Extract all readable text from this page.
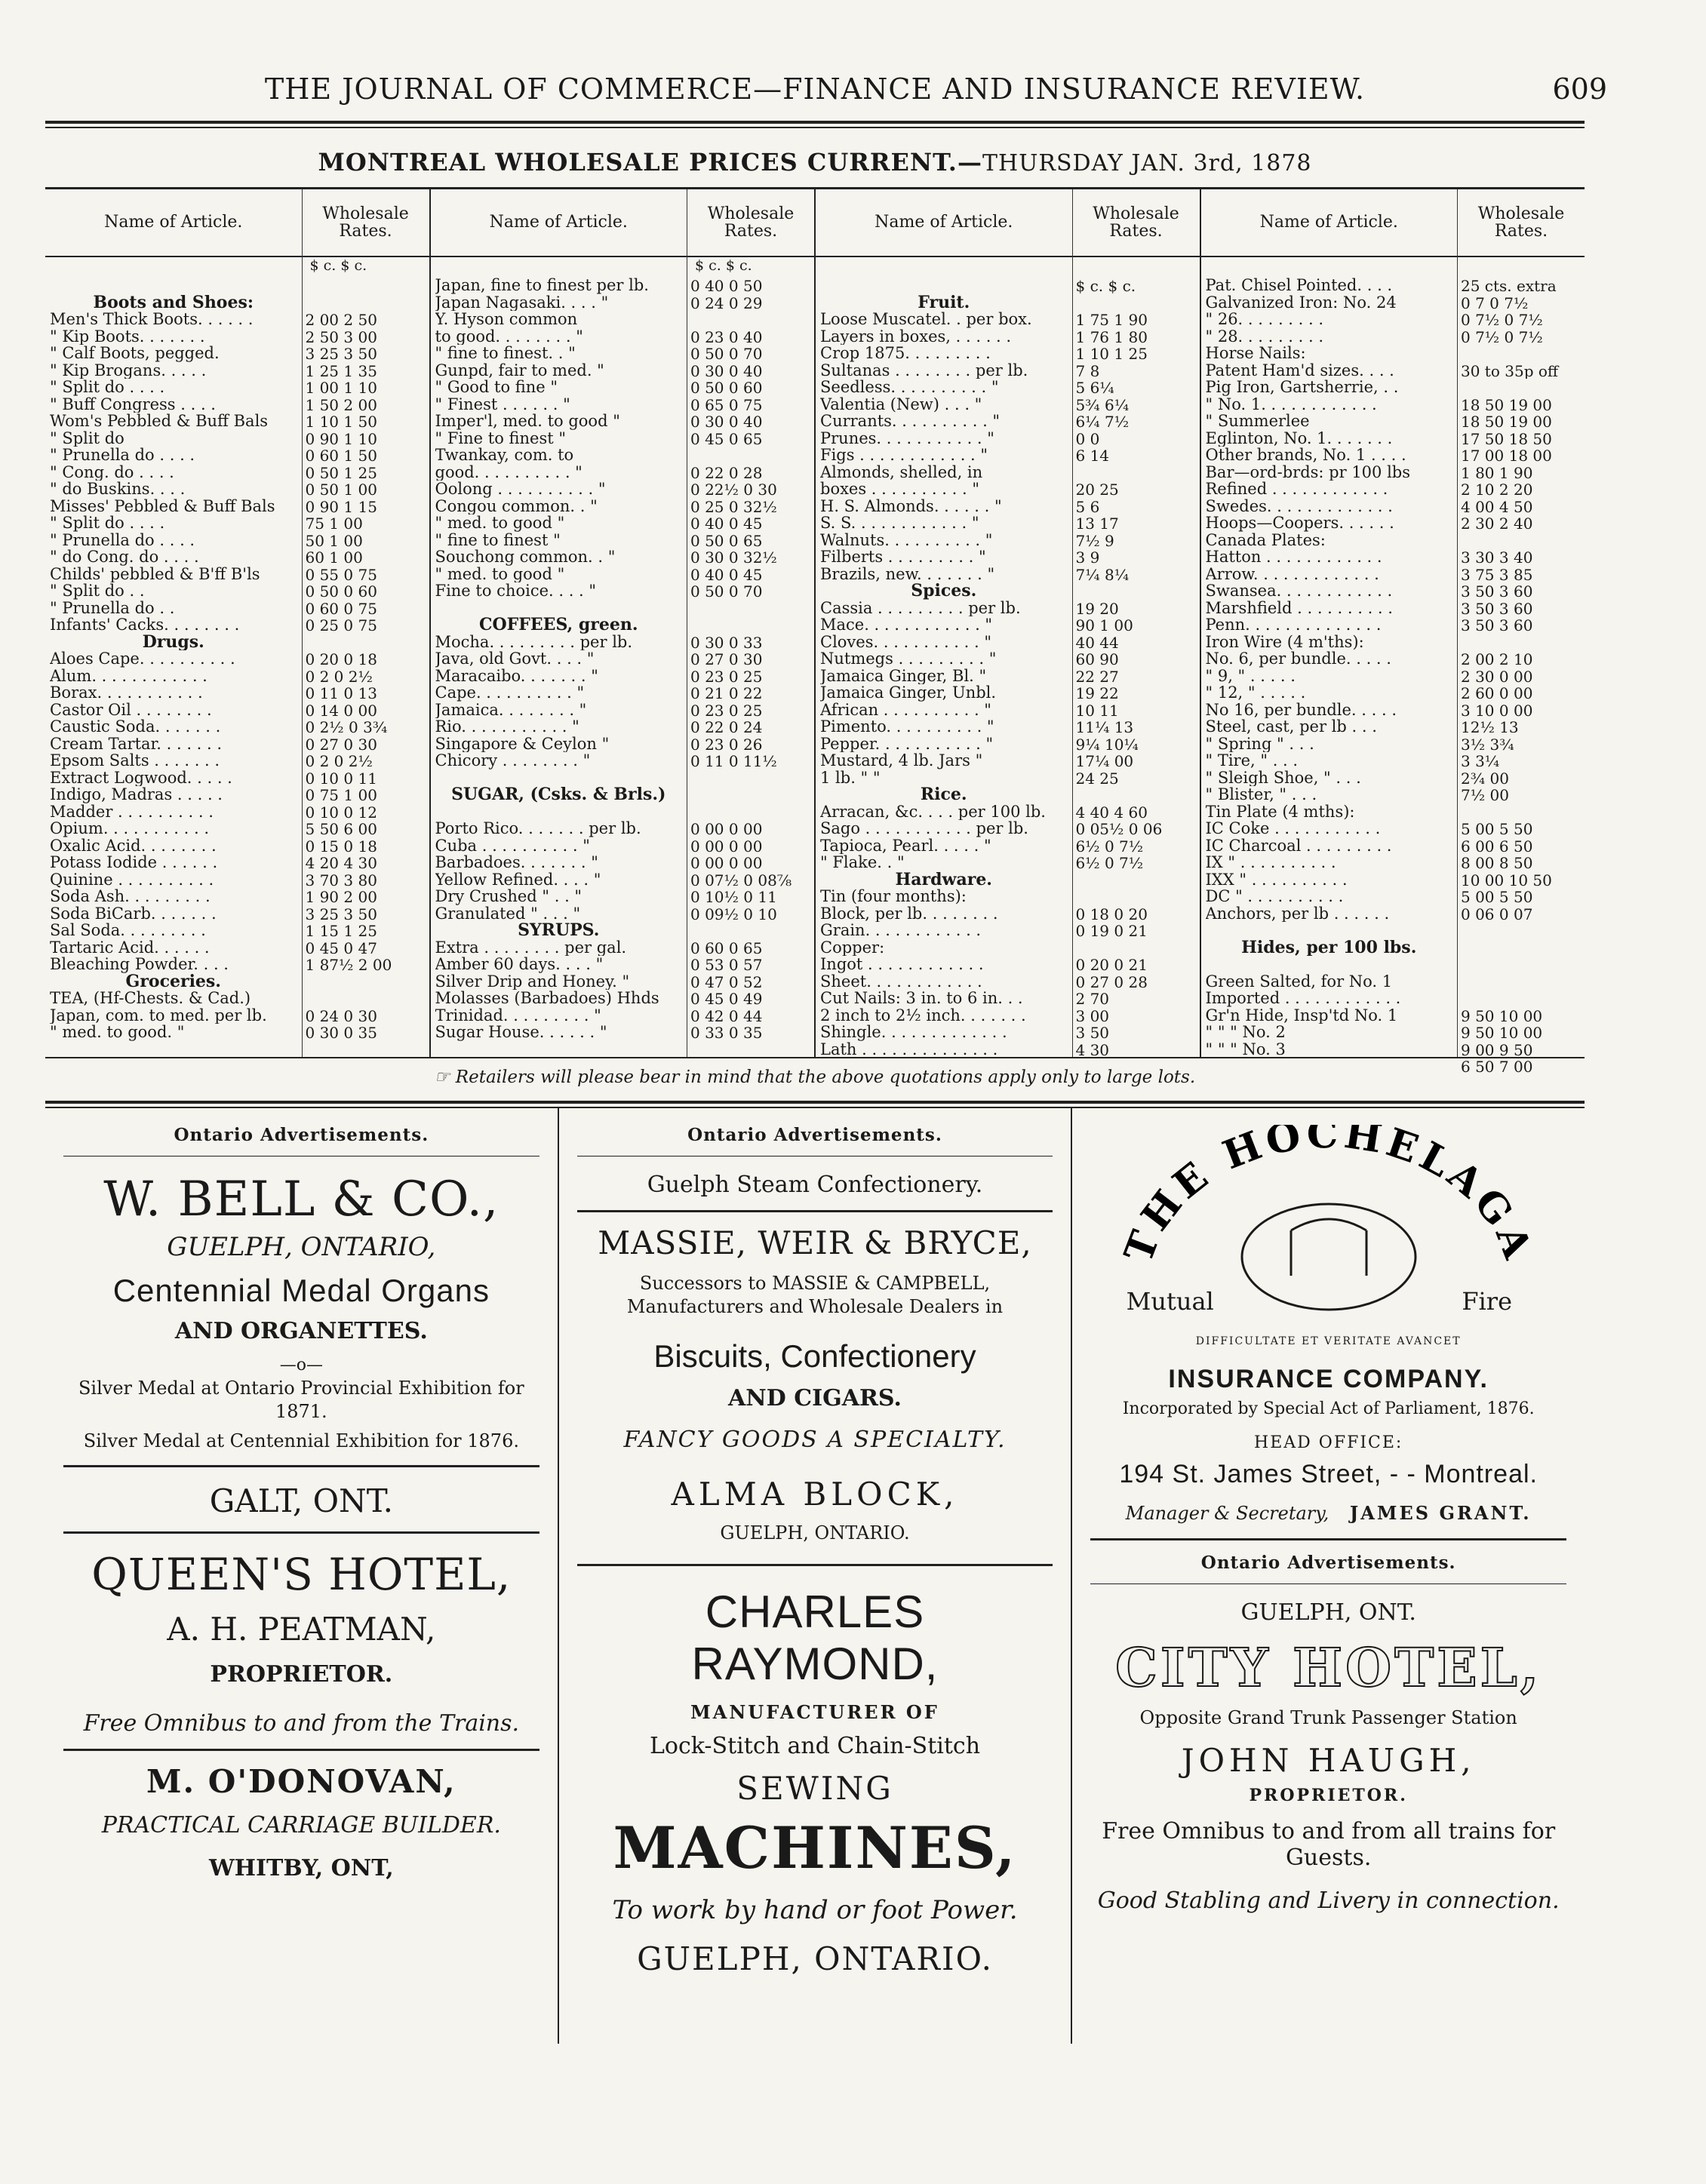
THE JOURNAL OF COMMERCE—FINANCE AND INSURANCE REVIEW.	609
MONTREAL WHOLESALE PRICES CURRENT.—THURSDAY JAN. 3rd, 1878
Name of Article.

Boots and Shoes:
Men's Thick Boots. . . . . .
" Kip Boots. . . . . . .
" Calf Boots, pegged.
" Kip Brogans. . . . .
" Split do . . . .
" Buff Congress . . . .
Wom's Pebbled & Buff Bals
" Split do
" Prunella do . . . .
" Cong. do . . . .
" do Buskins. . . .
Misses' Pebbled & Buff Bals
" Split do . . . .
" Prunella do . . . .
" do Cong. do . . . .
Childs' pebbled & B'ff B'ls
" Split do . .
" Prunella do . .
Infants' Cacks. . . . . . . .
Drugs.
Aloes Cape. . . . . . . . . .
Alum. . . . . . . . . . . .
Borax. . . . . . . . . . .
Castor Oil . . . . . . . .
Caustic Soda. . . . . . .
Cream Tartar. . . . . . .
Epsom Salts . . . . . . .
Extract Logwood. . . . .
Indigo, Madras . . . . .
Madder . . . . . . . . . .
Opium. . . . . . . . . . .
Oxalic Acid. . . . . . . .
Potass Iodide . . . . . .
Quinine . . . . . . . . . .
Soda Ash. . . . . . . . .
Soda BiCarb. . . . . . .
Sal Soda. . . . . . . . .
Tartaric Acid. . . . . .
Bleaching Powder. . . .
Groceries.
TEA, (Hf-Chests. & Cad.)
Japan, com. to med. per lb.
" med. to good. "
Wholesale Rates.
$ c. $ c.

2 00 2 50
2 50 3 00
3 25 3 50
1 25 1 35
1 00 1 10
1 50 2 00
1 10 1 50
0 90 1 10
0 60 1 50
0 50 1 25
0 50 1 00
0 90 1 15
75 1 00
50 1 00
60 1 00
0 55 0 75
0 50 0 60
0 60 0 75
0 25 0 75

0 20 0 18
0 2 0 2½
0 11 0 13
0 14 0 00
0 2½ 0 3¾
0 27 0 30
0 2 0 2½
0 10 0 11
0 75 1 00
0 10 0 12
5 50 6 00
0 15 0 18
4 20 4 30
3 70 3 80
1 90 2 00
3 25 3 50
1 15 1 25
0 45 0 47
1 87½ 2 00

0 24 0 30
0 30 0 35
Name of Article.
Japan, fine to finest per lb.
Japan Nagasaki. . . . "
Y. Hyson common
to good. . . . . . . . "
" fine to finest. . "
Gunpd, fair to med. "
" Good to fine "
" Finest . . . . . . "
Imper'l, med. to good "
" Fine to finest "
Twankay, com. to
good. . . . . . . . . . "
Oolong . . . . . . . . . . "
Congou common. . "
" med. to good "
" fine to finest "
Souchong common. . "
" med. to good "
Fine to choice. . . . "

COFFEES, green.
Mocha. . . . . . . . . per lb.
Java, old Govt. . . . "
Maracaibo. . . . . . . "
Cape. . . . . . . . . . "
Jamaica. . . . . . . . "
Rio. . . . . . . . . . . "
Singapore & Ceylon "
Chicory . . . . . . . . "

SUGAR, (Csks. & Brls.)

Porto Rico. . . . . . . per lb.
Cuba . . . . . . . . . . "
Barbadoes. . . . . . . "
Yellow Refined. . . . "
Dry Crushed " . . "
Granulated " . . . "
SYRUPS.
Extra . . . . . . . . per gal.
Amber 60 days. . . . "
Silver Drip and Honey. "
Molasses (Barbadoes) Hhds
Trinidad. . . . . . . . . "
Sugar House. . . . . . "
Wholesale Rates.
$ c. $ c.
0 40 0 50
0 24 0 29

0 23 0 40
0 50 0 70
0 30 0 40
0 50 0 60
0 65 0 75
0 30 0 40
0 45 0 65

0 22 0 28
0 22½ 0 30
0 25 0 32½
0 40 0 45
0 50 0 65
0 30 0 32½
0 40 0 45
0 50 0 70

0 30 0 33
0 27 0 30
0 23 0 25
0 21 0 22
0 23 0 25
0 22 0 24
0 23 0 26
0 11 0 11½

0 00 0 00
0 00 0 00
0 00 0 00
0 07½ 0 08⅞
0 10½ 0 11
0 09½ 0 10

0 60 0 65
0 53 0 57
0 47 0 52
0 45 0 49
0 42 0 44
0 33 0 35
Name of Article.

Fruit.
Loose Muscatel. . per box.
Layers in boxes, . . . . . .
Crop 1875. . . . . . . . .
Sultanas . . . . . . . . per lb.
Seedless. . . . . . . . . . "
Valentia (New) . . . "
Currants. . . . . . . . . . "
Prunes. . . . . . . . . . . "
Figs . . . . . . . . . . . . "
Almonds, shelled, in
boxes . . . . . . . . . . "
H. S. Almonds. . . . . . "
S. S. . . . . . . . . . . . "
Walnuts. . . . . . . . . . "
Filberts . . . . . . . . . "
Brazils, new. . . . . . . "
Spices.
Cassia . . . . . . . . . per lb.
Mace. . . . . . . . . . . . "
Cloves. . . . . . . . . . . "
Nutmegs . . . . . . . . . "
Jamaica Ginger, Bl. "
Jamaica Ginger, Unbl.
African . . . . . . . . . . "
Pimento. . . . . . . . . . "
Pepper. . . . . . . . . . . "
Mustard, 4 lb. Jars "
1 lb. " "
Rice.
Arracan, &c. . . . per 100 lb.
Sago . . . . . . . . . . . per lb.
Tapioca, Pearl. . . . . "
" Flake. . "
Hardware.
Tin (four months):
Block, per lb. . . . . . . .
Grain. . . . . . . . . . . .
Copper:
Ingot . . . . . . . . . . . .
Sheet. . . . . . . . . . . .
Cut Nails: 3 in. to 6 in. . .
2 inch to 2½ inch. . . . . . .
Shingle. . . . . . . . . . . . .
Lath . . . . . . . . . . . . . .
Wholesale Rates.
$ c. $ c.

1 75 1 90
1 76 1 80
1 10 1 25
7 8
5 6¼
5¾ 6¼
6¼ 7½
0 0
6 14

20 25
5 6
13 17
7½ 9
3 9
7¼ 8¼

19 20
90 1 00
40 44
60 90
22 27
19 22
10 11
11¼ 13
9¼ 10¼
17¼ 00
24 25

4 40 4 60
0 05½ 0 06
6½ 0 7½
6½ 0 7½

0 18 0 20
0 19 0 21

0 20 0 21
0 27 0 28
2 70
3 00
3 50
4 30
Name of Article.
Pat. Chisel Pointed. . . .
Galvanized Iron: No. 24
" 26. . . . . . . . .
" 28. . . . . . . . .
Horse Nails:
Patent Ham'd sizes. . . .
Pig Iron, Gartsherrie, . .
" No. 1. . . . . . . . . . . .
" Summerlee
Eglinton, No. 1. . . . . . .
Other brands, No. 1 . . . .
Bar—ord-brds: pr 100 lbs
Refined . . . . . . . . . . . .
Swedes. . . . . . . . . . . . .
Hoops—Coopers. . . . . .
Canada Plates:
Hatton . . . . . . . . . . . .
Arrow. . . . . . . . . . . . .
Swansea. . . . . . . . . . . .
Marshfield . . . . . . . . . .
Penn. . . . . . . . . . . . . .
Iron Wire (4 m'ths):
No. 6, per bundle. . . . .
" 9, " . . . . .
" 12, " . . . . .
No 16, per bundle. . . . .
Steel, cast, per lb . . .
" Spring " . . .
" Tire, " . . .
" Sleigh Shoe, " . . .
" Blister, " . . .
Tin Plate (4 mths):
IC Coke . . . . . . . . . . .
IC Charcoal . . . . . . . . .
IX " . . . . . . . . . .
IXX " . . . . . . . . . .
DC " . . . . . . . . . .
Anchors, per lb . . . . . .

Hides, per 100 lbs.

Green Salted, for No. 1
Imported . . . . . . . . . . . .
Gr'n Hide, Insp'td No. 1
" " " No. 2
" " " No. 3
Wholesale Rates.
25 cts. extra
0 7 0 7½
0 7½ 0 7½
0 7½ 0 7½

30 to 35p off

18 50 19 00
18 50 19 00
17 50 18 50
17 00 18 00
1 80 1 90
2 10 2 20
4 00 4 50
2 30 2 40

3 30 3 40
3 75 3 85
3 50 3 60
3 50 3 60
3 50 3 60

2 00 2 10
2 30 0 00
2 60 0 00
3 10 0 00
12½ 13
3½ 3¾
3 3¼
2¾ 00
7½ 00

5 00 5 50
6 00 6 50
8 00 8 50
10 00 10 50
5 00 5 50
0 06 0 07

9 50 10 00
9 50 10 00
9 00 9 50
6 50 7 00
☞ Retailers will please bear in mind that the above quotations apply only to large lots.
Ontario Advertisements.
W. BELL & CO.,
GUELPH, ONTARIO,
Centennial Medal Organs
AND ORGANETTES.
—o—
Silver Medal at Ontario Provincial Exhibition for 1871.
Silver Medal at Centennial Exhibition for 1876.
GALT, ONT.
QUEEN'S HOTEL,
A. H. PEATMAN,
PROPRIETOR.
Free Omnibus to and from the Trains.
M. O'DONOVAN,
PRACTICAL CARRIAGE BUILDER.
WHITBY, ONT,
Ontario Advertisements.
Guelph Steam Confectionery.
MASSIE, WEIR & BRYCE,
Successors to MASSIE & CAMPBELL, Manufacturers and Wholesale Dealers in
Biscuits, Confectionery
AND CIGARS.
FANCY GOODS A SPECIALTY.
ALMA BLOCK,
GUELPH, ONTARIO.
CHARLES RAYMOND,
MANUFACTURER OF
Lock-Stitch and Chain-Stitch
SEWING
MACHINES,
To work by hand or foot Power.
GUELPH, ONTARIO.
THE HOCHELAGA
Mutual	Fire
DIFFICULTATE ET VERITATE AVANCET
INSURANCE COMPANY.
Incorporated by Special Act of Parliament, 1876.
HEAD OFFICE:
194 St. James Street, - - Montreal.
Manager & Secretary, JAMES GRANT.
Ontario Advertisements.
GUELPH, ONT.
CITY HOTEL,
Opposite Grand Trunk Passenger Station
JOHN HAUGH,
PROPRIETOR.
Free Omnibus to and from all trains for Guests.
Good Stabling and Livery in connection.
